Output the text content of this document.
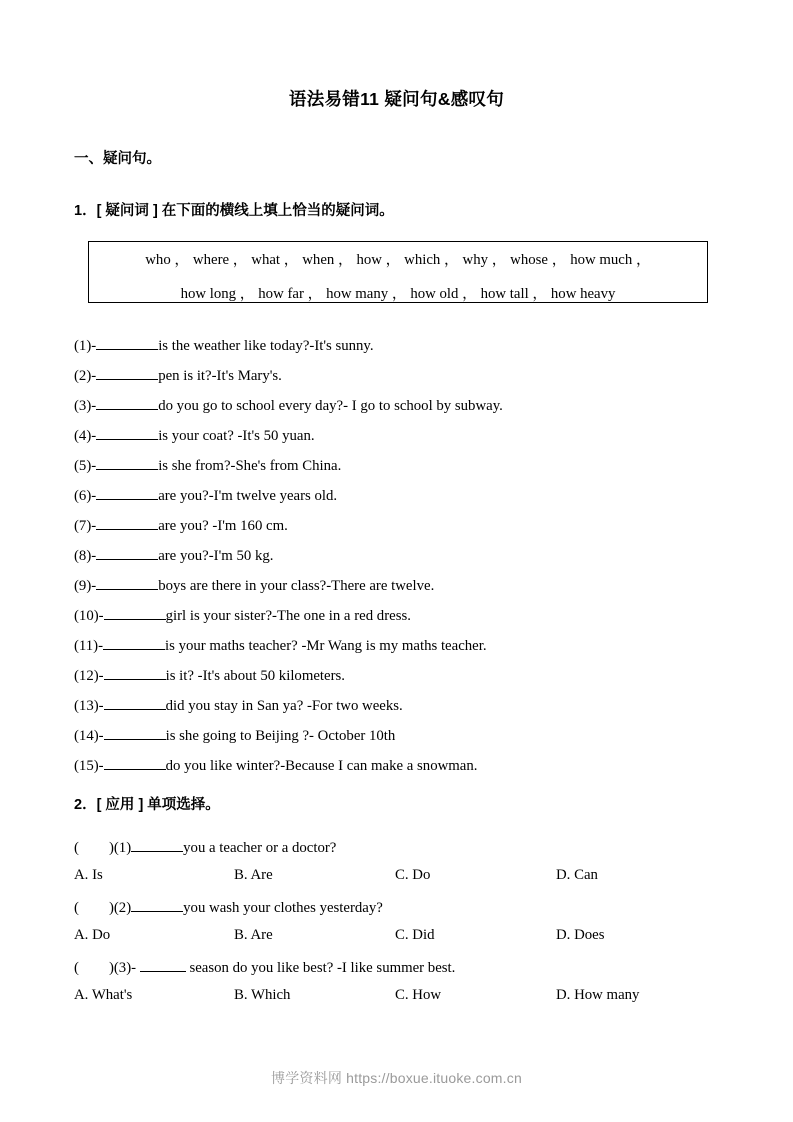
语法易错11 疑问句&感叹句
一、疑问句。
1．[ 疑问词 ] 在下面的横线上填上恰当的疑问词。
who ， where ， what ， when ， how ， which ， why ， whose ， how much ，
how long ， how far ， how many ， how old ， how tall ， how heavy
(1)-	is the weather like today?-It's sunny.
(2)-	pen is it?-It's Mary's.
(3)-	do you go to school every day?- I go to school by subway.
(4)-	is your coat? -It's 50 yuan.
(5)-	is she from?-She's from China.
(6)-	are you?-I'm twelve years old.
(7)-	are you? -I'm 160 cm.
(8)-	are you?-I'm 50 kg.
(9)-	boys are there in your class?-There are twelve.
(10)-	girl is your sister?-The one in a red dress.
(11)-	is your maths teacher? -Mr Wang is my maths teacher.
(12)-	is it? -It's about 50 kilometers.
(13)-	did you stay in San ya? -For two weeks.
(14)-	is she going to Beijing ?- October 10th
(15)-	do you like winter?-Because I can make a snowman.
2．[ 应用 ] 单项选择。
( )(1)	you a teacher or a doctor?
A. Is	B. Are	C. Do	D. Can
( )(2)	you wash your clothes yesterday?
A. Do	B. Are	C. Did	D. Does
( )(3)-	season do you like best? -I like summer best.
A. What's	B. Which	C. How	D. How many
博学资料网 https://boxue.ituoke.com.cn
